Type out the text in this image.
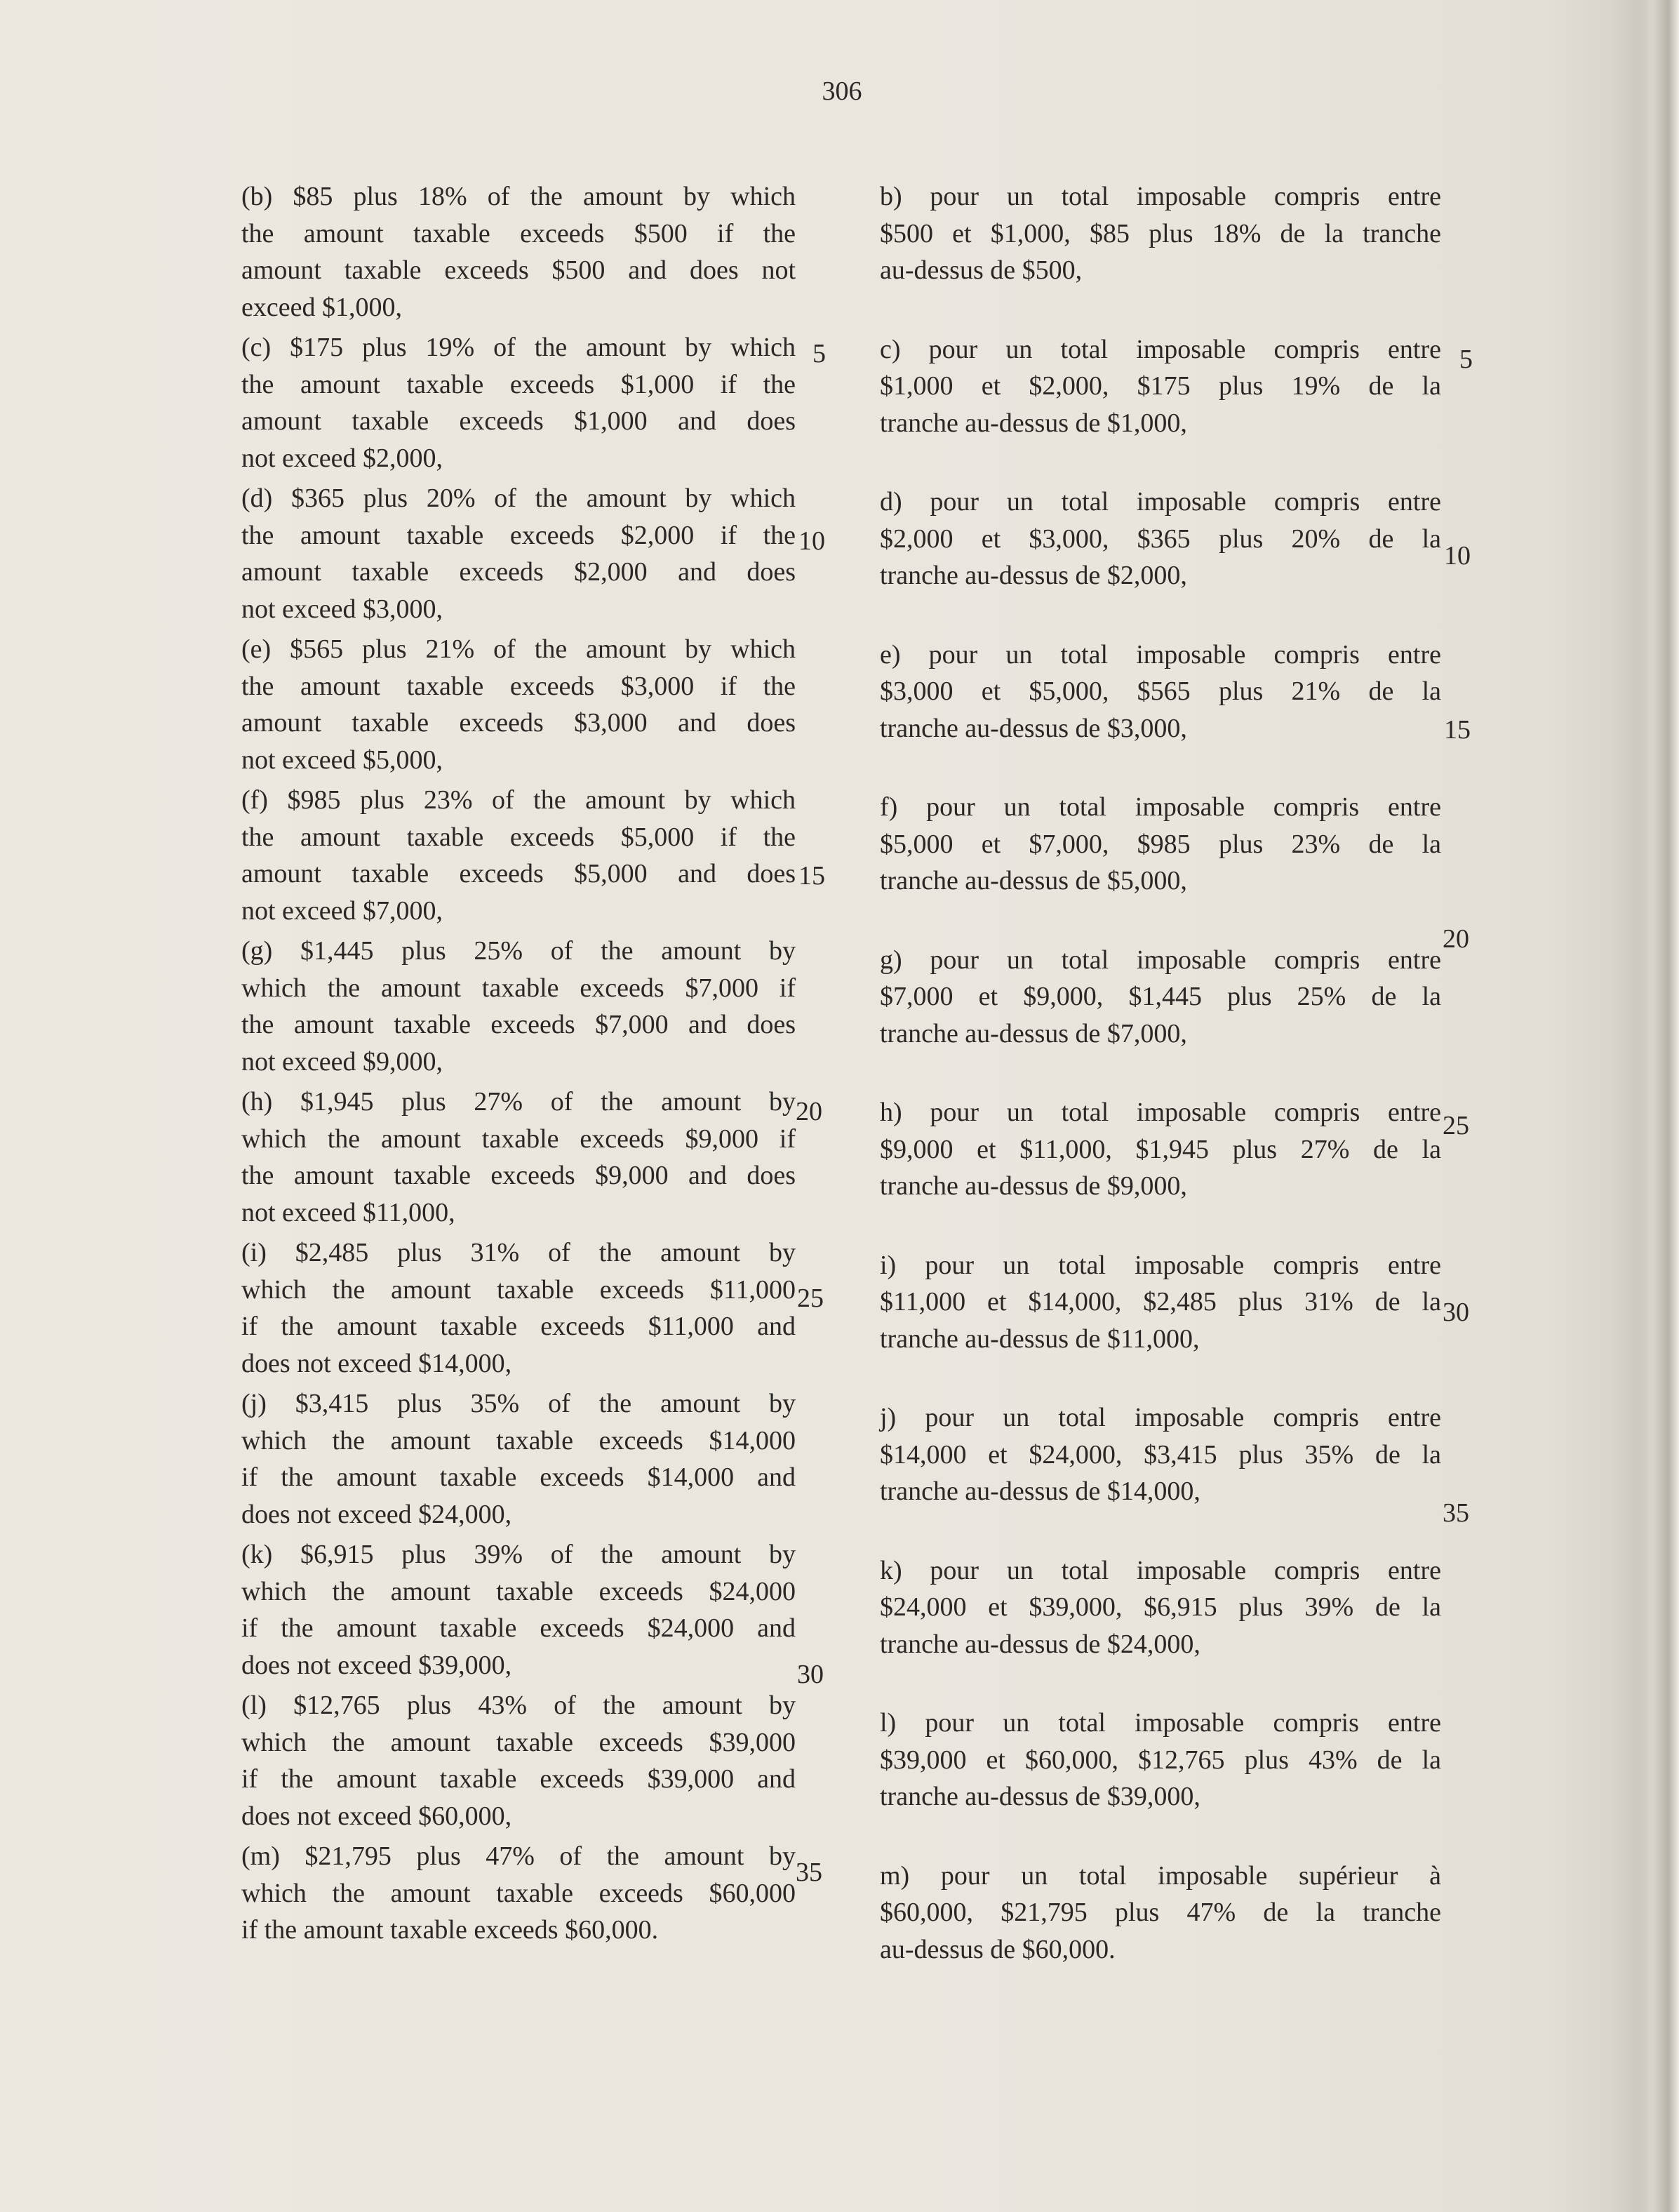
306
(b) $85 plus 18% of the amount by which
the amount taxable exceeds $500 if the
amount taxable exceeds $500 and does not
exceed $1,000,
(c) $175 plus 19% of the amount by which
the amount taxable exceeds $1,000 if the
amount taxable exceeds $1,000 and does
not exceed $2,000,
(d) $365 plus 20% of the amount by which
the amount taxable exceeds $2,000 if the
amount taxable exceeds $2,000 and does
not exceed $3,000,
(e) $565 plus 21% of the amount by which
the amount taxable exceeds $3,000 if the
amount taxable exceeds $3,000 and does
not exceed $5,000,
(f) $985 plus 23% of the amount by which
the amount taxable exceeds $5,000 if the
amount taxable exceeds $5,000 and does
not exceed $7,000,
(g) $1,445 plus 25% of the amount by
which the amount taxable exceeds $7,000 if
the amount taxable exceeds $7,000 and does
not exceed $9,000,
(h) $1,945 plus 27% of the amount by
which the amount taxable exceeds $9,000 if
the amount taxable exceeds $9,000 and does
not exceed $11,000,
(i) $2,485 plus 31% of the amount by
which the amount taxable exceeds $11,000
if the amount taxable exceeds $11,000 and
does not exceed $14,000,
(j) $3,415 plus 35% of the amount by
which the amount taxable exceeds $14,000
if the amount taxable exceeds $14,000 and
does not exceed $24,000,
(k) $6,915 plus 39% of the amount by
which the amount taxable exceeds $24,000
if the amount taxable exceeds $24,000 and
does not exceed $39,000,
(l) $12,765 plus 43% of the amount by
which the amount taxable exceeds $39,000
if the amount taxable exceeds $39,000 and
does not exceed $60,000,
(m) $21,795 plus 47% of the amount by
which the amount taxable exceeds $60,000
if the amount taxable exceeds $60,000.
b) pour un total imposable compris entre
$500 et $1,000, $85 plus 18% de la tranche
au-dessus de $500,
c) pour un total imposable compris entre
$1,000 et $2,000, $175 plus 19% de la
tranche au-dessus de $1,000,
d) pour un total imposable compris entre
$2,000 et $3,000, $365 plus 20% de la
tranche au-dessus de $2,000,
e) pour un total imposable compris entre
$3,000 et $5,000, $565 plus 21% de la
tranche au-dessus de $3,000,
f) pour un total imposable compris entre
$5,000 et $7,000, $985 plus 23% de la
tranche au-dessus de $5,000,
g) pour un total imposable compris entre
$7,000 et $9,000, $1,445 plus 25% de la
tranche au-dessus de $7,000,
h) pour un total imposable compris entre
$9,000 et $11,000, $1,945 plus 27% de la
tranche au-dessus de $9,000,
i) pour un total imposable compris entre
$11,000 et $14,000, $2,485 plus 31% de la
tranche au-dessus de $11,000,
j) pour un total imposable compris entre
$14,000 et $24,000, $3,415 plus 35% de la
tranche au-dessus de $14,000,
k) pour un total imposable compris entre
$24,000 et $39,000, $6,915 plus 39% de la
tranche au-dessus de $24,000,
l) pour un total imposable compris entre
$39,000 et $60,000, $12,765 plus 43% de la
tranche au-dessus de $39,000,
m) pour un total imposable supérieur à
$60,000, $21,795 plus 47% de la tranche
au-dessus de $60,000.
5
10
15
20
25
30
35
5
10
15
20
25
30
35
